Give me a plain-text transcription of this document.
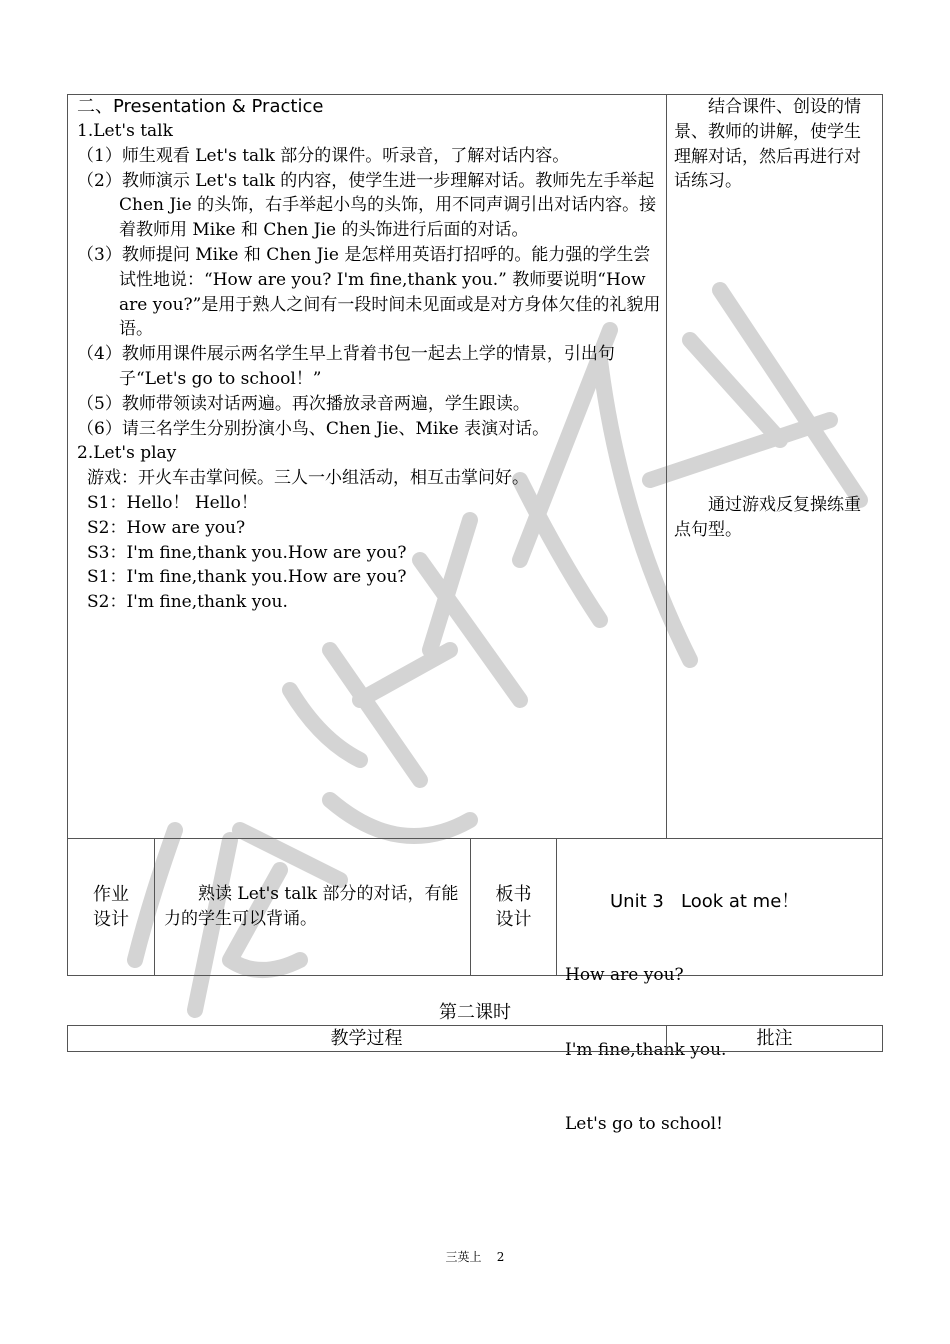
二、Presentation & Practice

1.Let's talk

（1）师生观看 Let's talk 部分的课件。听录音，了解对话内容。

（2）教师演示 Let's talk 的内容，使学生进一步理解对话。教师先左手举起 Chen Jie 的头饰，右手举起小鸟的头饰，用不同声调引出对话内容。接着教师用 Mike 和 Chen Jie 的头饰进行后面的对话。

（3）教师提问 Mike 和 Chen Jie 是怎样用英语打招呼的。能力强的学生尝试性地说：“How are you? I'm fine,thank you.” 教师要说明“How are you?”是用于熟人之间有一段时间未见面或是对方身体欠佳的礼貌用语。

（4）教师用课件展示两名学生早上背着书包一起去上学的情景，引出句子“Let's go to school！”

（5）教师带领读对话两遍。再次播放录音两遍，学生跟读。

（6）请三名学生分别扮演小鸟、Chen Jie、Mike 表演对话。

2.Let's play

游戏：开火车击掌问候。三人一小组活动，相互击掌问好。

S1：Hello！ Hello！

S2：How are you?

S3：I'm fine,thank you.How are you?

S1：I'm fine,thank you.How are you?

S2：I'm fine,thank you.

结合课件、创设的情景、教师的讲解，使学生理解对话，然后再进行对话练习。
通过游戏反复操练重点句型。
作业
设计
熟读 Let's talk 部分的对话，有能力的学生可以背诵。
板书
设计

Unit 3   Look at me！

How are you?

I'm fine,thank you.

Let's go to school!

第二课时
教学过程	批注
三英上    2
